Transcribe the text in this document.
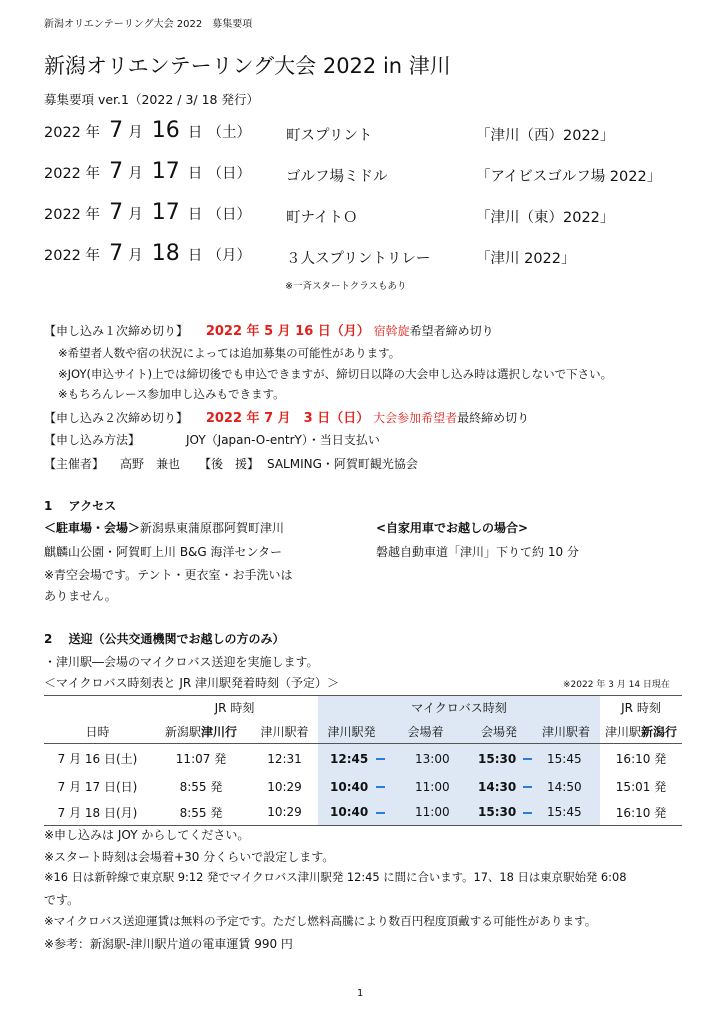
新潟オリエンテーリング大会 2022　募集要項
新潟オリエンテーリング大会 2022 in 津川
募集要項 ver.1（2022 / 3/ 18 発行）
2022 年 7 月 16 日 （土） 町スプリント	「津川（西）2022」
2022 年 7 月 17 日 （日） ゴルフ場ミドル	「アイビスゴルフ場 2022」
2022 年 7 月 17 日 （日） 町ナイトＯ	「津川（東）2022」
2022 年 7 月 18 日 （月） ３人スプリントリレー	「津川 2022」
※一斉スタートクラスもあり
【申し込み１次締め切り】 2022 年 5 月 16 日（月） 宿斡旋希望者締め切り
※希望者人数や宿の状況によっては追加募集の可能性があります。
※JOY(申込サイト)上では締切後でも申込できますが、締切日以降の大会申し込み時は選択しないで下さい。
※もちろんレース参加申し込みもできます。
【申し込み２次締め切り】 2022 年 7 月　3 日（日） 大会参加希望者最終締め切り
【申し込み方法】	JOY（Japan-O-entrY）・当日支払い
【主催者】 高野　兼也 【後　援】 SALMING・阿賀町観光協会
1　 アクセス
＜駐車場・会場＞新潟県東蒲原郡阿賀町津川
麒麟山公園・阿賀町上川 B&G 海洋センター
※青空会場です。テント・更衣室・お手洗いは
ありません。
<自家用車でお越しの場合>
磐越自動車道「津川」下りて約 10 分
2　 送迎（公共交通機関でお越しの方のみ）
・津川駅―会場のマイクロバス送迎を実施します。
＜マイクロバス時刻表と JR 津川駅発着時刻（予定）＞	※2022 年 3 月 14 日現在
	JR 時刻		マイクロバス時刻				JR 時刻
日時	新潟駅津川行	津川駅着	津川駅発	会場着	会場発	津川駅着	津川駅新潟行
7 月 16 日(土)	11:07 発	12:31	12:45	13:00	15:30	15:45	16:10 発
7 月 17 日(日)	8:55 発	10:29	10:40	11:00	14:30	14:50	15:01 発
7 月 18 日(月)	8:55 発	10:29	10:40	11:00	15:30	15:45	16:10 発
※申し込みは JOY からしてください。
※スタート時刻は会場着+30 分くらいで設定します。
※16 日は新幹線で東京駅 9:12 発でマイクロバス津川駅発 12:45 に間に合います。17、18 日は東京駅始発 6:08
です。
※マイクロバス送迎運賃は無料の予定です。ただし燃料高騰により数百円程度頂戴する可能性があります。
※参考：新潟駅-津川駅片道の電車運賃 990 円
1
